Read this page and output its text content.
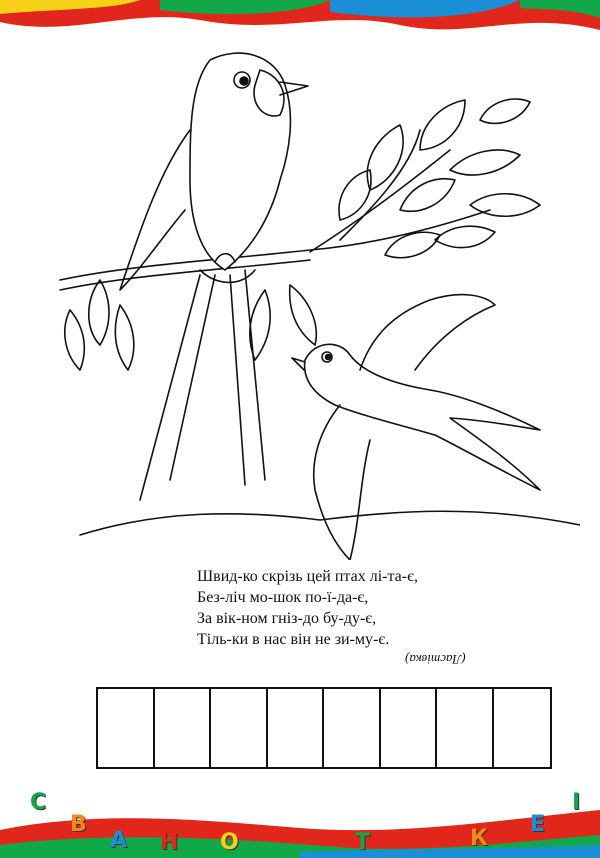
Швид-ко скрізь цей птах лі-та-є,
Без-ліч мо-шок по-ї-да-є,
За вік-ном гніз-до бу-ду-є,
Тіль-ки в нас він не зи-му-є.
(Ластівка)
С
В
А Н О	Т	К
Е
І
